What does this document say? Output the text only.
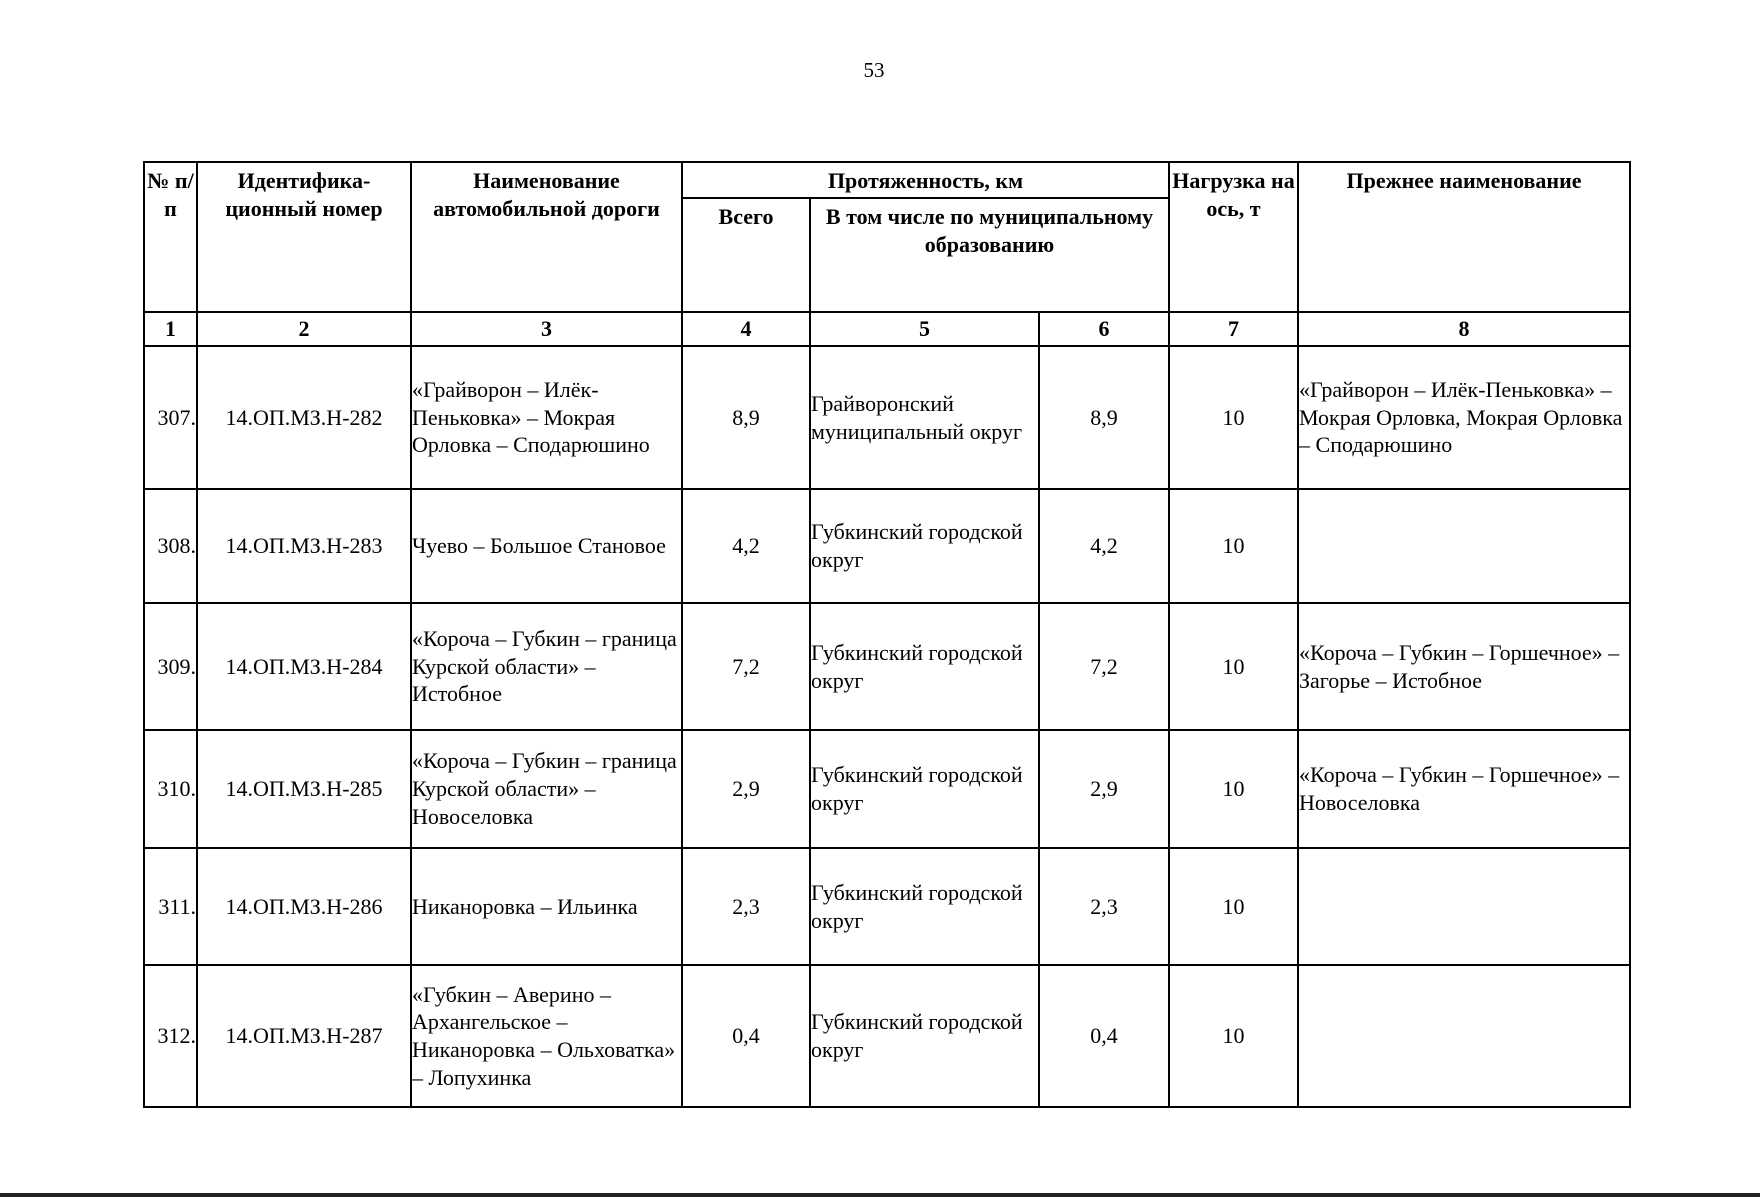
53
№ п/п	Идентифика-ционный номер	Наименование автомобильной дороги	Протяженность, км			Нагрузка на ось, т	Прежнее наименование
			Всего	В том числе по муниципальному образованию			
1	2	3	4	5	6	7	8
307.	14.ОП.МЗ.Н-282	«Грайворон – Илёк-Пеньковка» – Мокрая Орловка – Сподарюшино	8,9	Грайворонский муниципальный округ	8,9	10	«Грайворон – Илёк-Пеньковка» – Мокрая Орловка, Мокрая Орловка – Сподарюшино
308.	14.ОП.МЗ.Н-283	Чуево – Большое Становое	4,2	Губкинский городской округ	4,2	10	
309.	14.ОП.МЗ.Н-284	«Короча – Губкин – граница Курской области» – Истобное	7,2	Губкинский городской округ	7,2	10	«Короча – Губкин – Горшечное» – Загорье – Истобное
310.	14.ОП.МЗ.Н-285	«Короча – Губкин – граница Курской области» – Новоселовка	2,9	Губкинский городской округ	2,9	10	«Короча – Губкин – Горшечное» – Новоселовка
311.	14.ОП.МЗ.Н-286	Никаноровка – Ильинка	2,3	Губкинский городской округ	2,3	10	
312.	14.ОП.МЗ.Н-287	«Губкин – Аверино – Архангельское – Никаноровка – Ольховатка» – Лопухинка	0,4	Губкинский городской округ	0,4	10	
